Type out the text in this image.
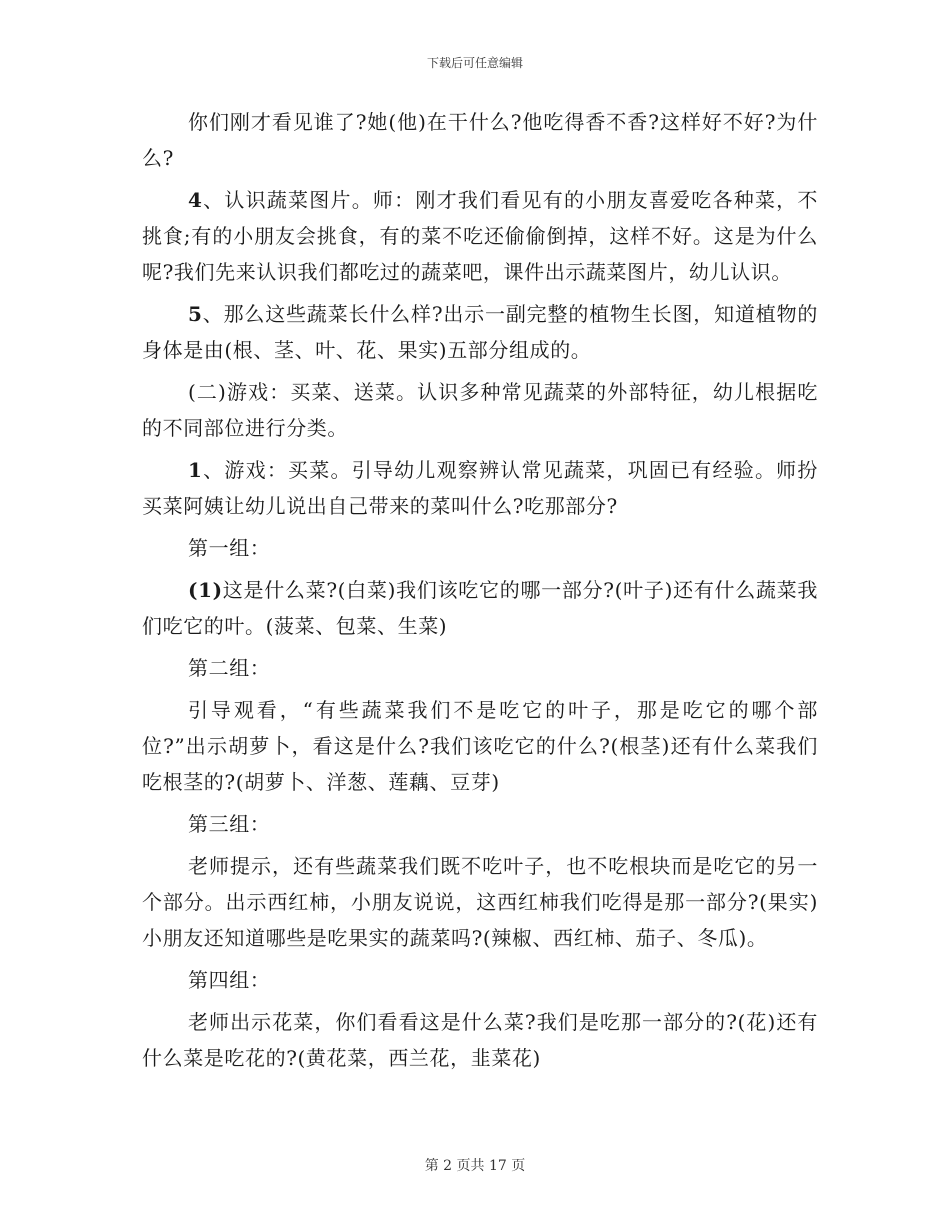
下载后可任意编辑

你们刚才看见谁了?她(他)在干什么?他吃得香不香?这样好不好?为什么?

4、认识蔬菜图片。师：刚才我们看见有的小朋友喜爱吃各种菜，不挑食;有的小朋友会挑食，有的菜不吃还偷偷倒掉，这样不好。这是为什么呢?我们先来认识我们都吃过的蔬菜吧，课件出示蔬菜图片，幼儿认识。

5、那么这些蔬菜长什么样?出示一副完整的植物生长图，知道植物的身体是由(根、茎、叶、花、果实)五部分组成的。

(二)游戏：买菜、送菜。认识多种常见蔬菜的外部特征，幼儿根据吃的不同部位进行分类。

1、游戏：买菜。引导幼儿观察辨认常见蔬菜，巩固已有经验。师扮买菜阿姨让幼儿说出自己带来的菜叫什么?吃那部分?

第一组：

(1)这是什么菜?(白菜)我们该吃它的哪一部分?(叶子)还有什么蔬菜我们吃它的叶。(菠菜、包菜、生菜)

第二组：

引导观看，“有些蔬菜我们不是吃它的叶子，那是吃它的哪个部位?”出示胡萝卜，看这是什么?我们该吃它的什么?(根茎)还有什么菜我们吃根茎的?(胡萝卜、洋葱、莲藕、豆芽)

第三组：

老师提示，还有些蔬菜我们既不吃叶子，也不吃根块而是吃它的另一个部分。出示西红柿，小朋友说说，这西红柿我们吃得是那一部分?(果实)小朋友还知道哪些是吃果实的蔬菜吗?(辣椒、西红柿、茄子、冬瓜)。

第四组：

老师出示花菜，你们看看这是什么菜?我们是吃那一部分的?(花)还有什么菜是吃花的?(黄花菜，西兰花，韭菜花)

第 2 页共 17 页
